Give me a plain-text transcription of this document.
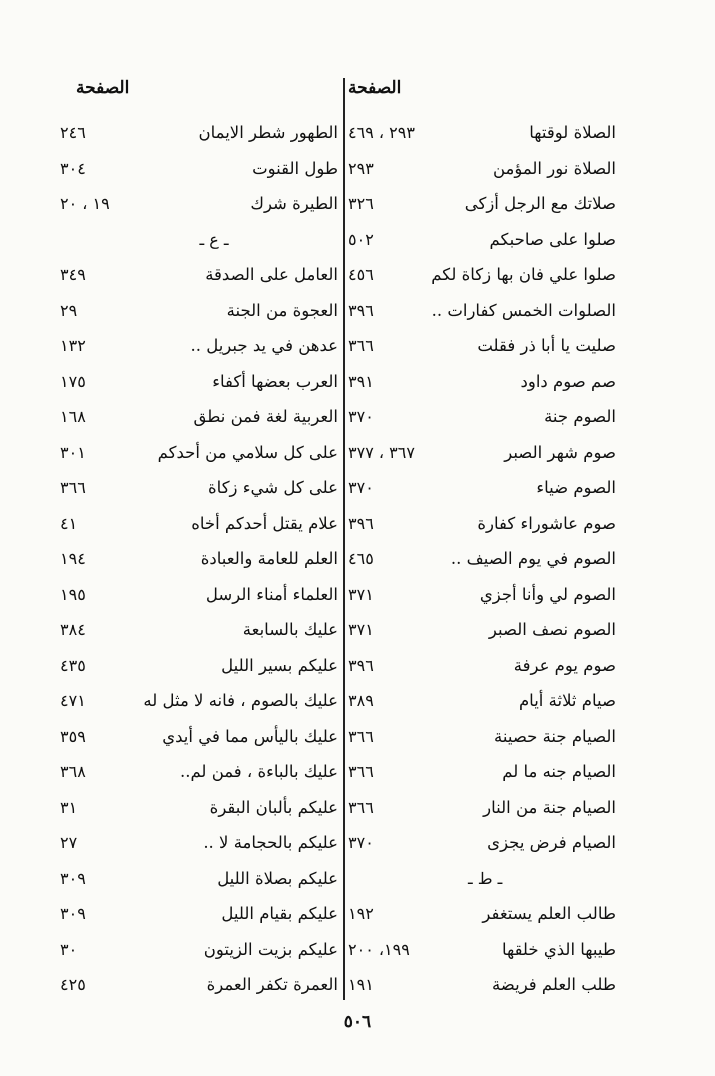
الصفحة
الصلاة لوقتها
٢٩٣ ، ٤٦٩
الصلاة نور المؤمن
٢٩٣
صلاتك مع الرجل أزكى
٣٢٦
صلوا على صاحبكم
٥٠٢
صلوا علي فان بها زكاة لكم
٤٥٦
الصلوات الخمس كفارات ..
٣٩٦
صليت يا أبا ذر فقلت
٣٦٦
صم صوم داود
٣٩١
الصوم جنة
٣٧٠
صوم شهر الصبر
٣٦٧ ، ٣٧٧
الصوم ضياء
٣٧٠
صوم عاشوراء كفارة
٣٩٦
الصوم في يوم الصيف ..
٤٦٥
الصوم لي وأنا أجزي
٣٧١
الصوم نصف الصبر
٣٧١
صوم يوم عرفة
٣٩٦
صيام ثلاثة أيام
٣٨٩
الصيام جنة حصينة
٣٦٦
الصيام جنه ما لم
٣٦٦
الصيام جنة من النار
٣٦٦
الصيام فرض يجزى
٣٧٠
ـ ط ـ
طالب العلم يستغفر
١٩٢
طيبها الذي خلقها
١٩٩، ٢٠٠
طلب العلم فريضة
١٩١
الصفحة
الطهور شطر الايمان
٢٤٦
طول القنوت
٣٠٤
الطيرة شرك
١٩ ، ٢٠
ـ ع ـ
العامل على الصدقة
٣٤٩
العجوة من الجنة
٢٩
عدهن في يد جبريل ..
١٣٢
العرب بعضها أكفاء
١٧٥
العربية لغة فمن نطق
١٦٨
على كل سلامي من أحدكم
٣٠١
على كل شيء زكاة
٣٦٦
علام يقتل أحدكم أخاه
٤١
العلم للعامة والعبادة
١٩٤
العلماء أمناء الرسل
١٩٥
عليك بالسابعة
٣٨٤
عليكم بسير الليل
٤٣٥
عليك بالصوم ، فانه لا مثل له
٤٧١
عليك باليأس مما في أيدي
٣٥٩
عليك بالباءة ، فمن لم..
٣٦٨
عليكم بألبان البقرة
٣١
عليكم بالحجامة لا ..
٢٧
عليكم بصلاة الليل
٣٠٩
عليكم بقيام الليل
٣٠٩
عليكم بزيت الزيتون
٣٠
العمرة تكفر العمرة
٤٢٥
٥٠٦
